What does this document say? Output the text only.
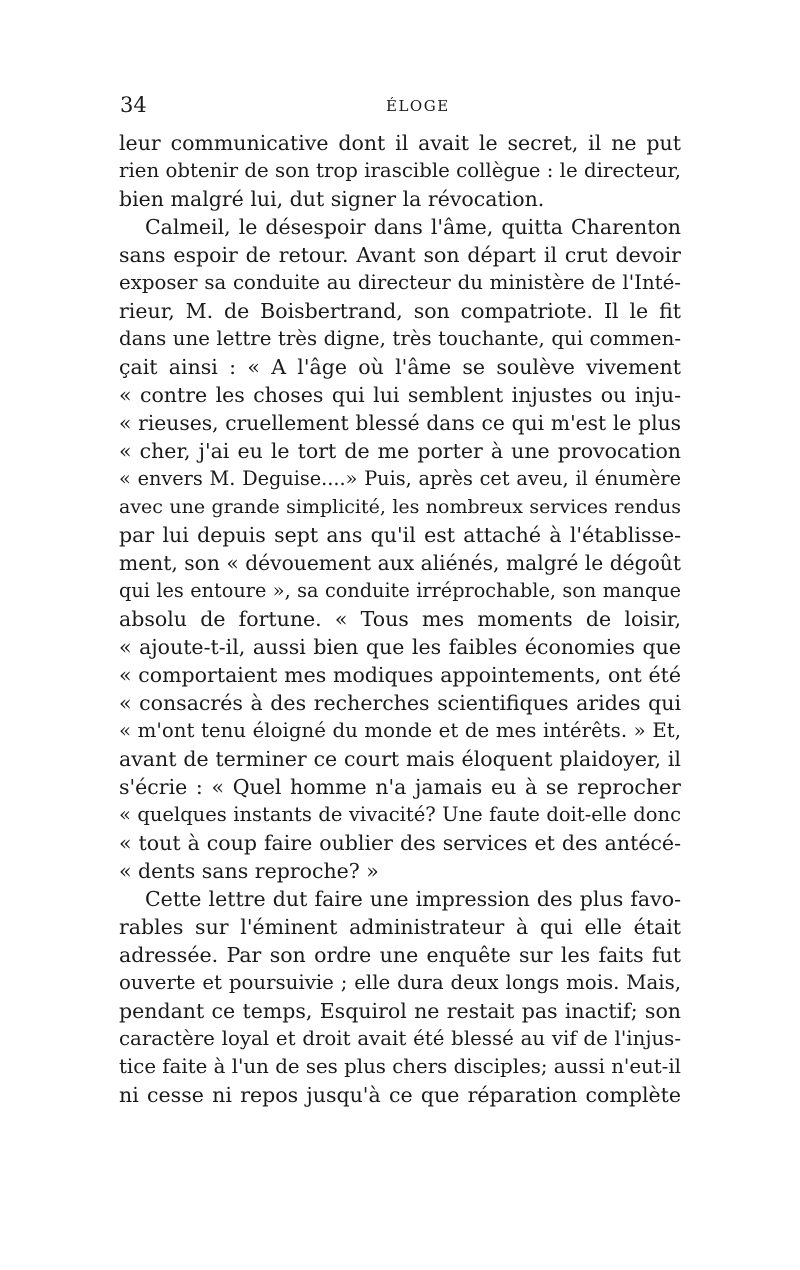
34	ÉLOGE
leur communicative dont il avait le secret, il ne put
rien obtenir de son trop irascible collègue : le directeur,
bien malgré lui, dut signer la révocation.
Calmeil, le désespoir dans l'âme, quitta Charenton
sans espoir de retour. Avant son départ il crut devoir
exposer sa conduite au directeur du ministère de l'Inté-
rieur, M. de Boisbertrand, son compatriote. Il le fit
dans une lettre très digne, très touchante, qui commen-
çait ainsi : « A l'âge où l'âme se soulève vivement
« contre les choses qui lui semblent injustes ou inju-
« rieuses, cruellement blessé dans ce qui m'est le plus
« cher, j'ai eu le tort de me porter à une provocation
« envers M. Deguise....» Puis, après cet aveu, il énumère
avec une grande simplicité, les nombreux services rendus
par lui depuis sept ans qu'il est attaché à l'établisse-
ment, son « dévouement aux aliénés, malgré le dégoût
qui les entoure », sa conduite irréprochable, son manque
absolu de fortune. « Tous mes moments de loisir,
« ajoute-t-il, aussi bien que les faibles économies que
« comportaient mes modiques appointements, ont été
« consacrés à des recherches scientifiques arides qui
« m'ont tenu éloigné du monde et de mes intérêts. » Et,
avant de terminer ce court mais éloquent plaidoyer, il
s'écrie : « Quel homme n'a jamais eu à se reprocher
« quelques instants de vivacité? Une faute doit-elle donc
« tout à coup faire oublier des services et des antécé-
« dents sans reproche? »
Cette lettre dut faire une impression des plus favo-
rables sur l'éminent administrateur à qui elle était
adressée. Par son ordre une enquête sur les faits fut
ouverte et poursuivie ; elle dura deux longs mois. Mais,
pendant ce temps, Esquirol ne restait pas inactif; son
caractère loyal et droit avait été blessé au vif de l'injus-
tice faite à l'un de ses plus chers disciples; aussi n'eut-il
ni cesse ni repos jusqu'à ce que réparation complète
